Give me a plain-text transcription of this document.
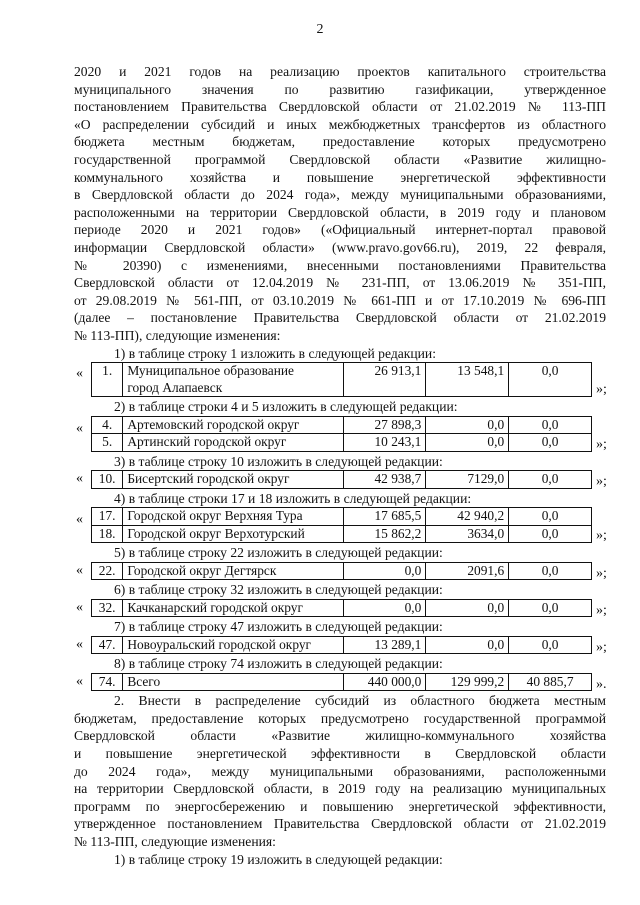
2
2020 и 2021 годов на реализацию проектов капитального строительства
муниципального значения по развитию газификации, утвержденное
постановлением Правительства Свердловской области от 21.02.2019 № 113-ПП
«О распределении субсидий и иных межбюджетных трансфертов из областного
бюджета местным бюджетам, предоставление которых предусмотрено
государственной программой Свердловской области «Развитие жилищно-
коммунального хозяйства и повышение энергетической эффективности
в Свердловской области до 2024 года», между муниципальными образованиями,
расположенными на территории Свердловской области, в 2019 году и плановом
периоде 2020 и 2021 годов» («Официальный интернет-портал правовой
информации Свердловской области» (www.pravo.gov66.ru), 2019, 22 февраля,
№ 20390) с изменениями, внесенными постановлениями Правительства
Свердловской области от 12.04.2019 № 231-ПП, от 13.06.2019 № 351-ПП,
от 29.08.2019 № 561-ПП, от 03.10.2019 № 661-ПП и от 17.10.2019 № 696-ПП
(далее – постановление Правительства Свердловской области от 21.02.2019
№ 113-ПП), следующие изменения:

1) в таблице строку 1 изложить в следующей редакции:

« 1.	Муниципальное образование
город Алапаевск
	26 913,1	13 548,1	0,0
»;

2) в таблице строки 4 и 5 изложить в следующей редакции:

« 4.	Артемовский городской округ	27 898,3	0,0	0,0
5.	Артинский городской округ	10 243,1	0,0	0,0	»;

3) в таблице строку 10 изложить в следующей редакции:

« 10.	Бисертский городской округ	42 938,7	7129,0	0,0	»;

4) в таблице строки 17 и 18 изложить в следующей редакции:

« 17.	Городской округ Верхняя Тура	17 685,5	42 940,2	0,0
18.	Городской округ Верхотурский	15 862,2	3634,0	0,0	»;

5) в таблице строку 22 изложить в следующей редакции:

« 22.	Городской округ Дегтярск	0,0	2091,6	0,0	»;

6) в таблице строку 32 изложить в следующей редакции:

« 32.	Качканарский городской округ	0,0	0,0	0,0	»;

7) в таблице строку 47 изложить в следующей редакции:

« 47.	Новоуральский городской округ	13 289,1	0,0	0,0	»;

8) в таблице строку 74 изложить в следующей редакции:

« 74.	Всего	440 000,0	129 999,2	40 885,7 ».
2. Внести в распределение субсидий из областного бюджета местным
бюджетам, предоставление которых предусмотрено государственной программой
Свердловской области «Развитие жилищно-коммунального хозяйства
и повышение энергетической эффективности в Свердловской области
до 2024 года», между муниципальными образованиями, расположенными
на территории Свердловской области, в 2019 году на реализацию муниципальных
программ по энергосбережению и повышению энергетической эффективности,
утвержденное постановлением Правительства Свердловской области от 21.02.2019
№ 113-ПП, следующие изменения:

1) в таблице строку 19 изложить в следующей редакции:
